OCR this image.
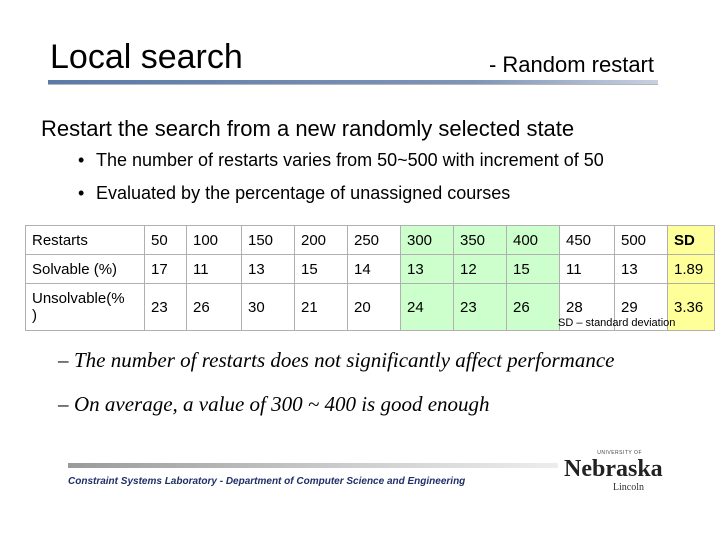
Local search	- Random restart
Restart the search from a new randomly selected state
• The number of restarts varies from 50~500 with increment of 50
• Evaluated by the percentage of unassigned courses
Restarts	50	100	150	200	250	300	350	400	450	500	SD
Solvable (%)	17	11	13	15	14	13	12	15	11	13	1.89
Unsolvable(%
)	23	26	30	21	20	24	23	26	28	29	3.36
SD – standard deviation
– The number of restarts does not significantly affect performance
– On average, a value of 300 ~ 400 is good enough
Constraint Systems Laboratory - Department of Computer Science and Engineering
UNIVERSITY OF
Nebraska
Lincoln
